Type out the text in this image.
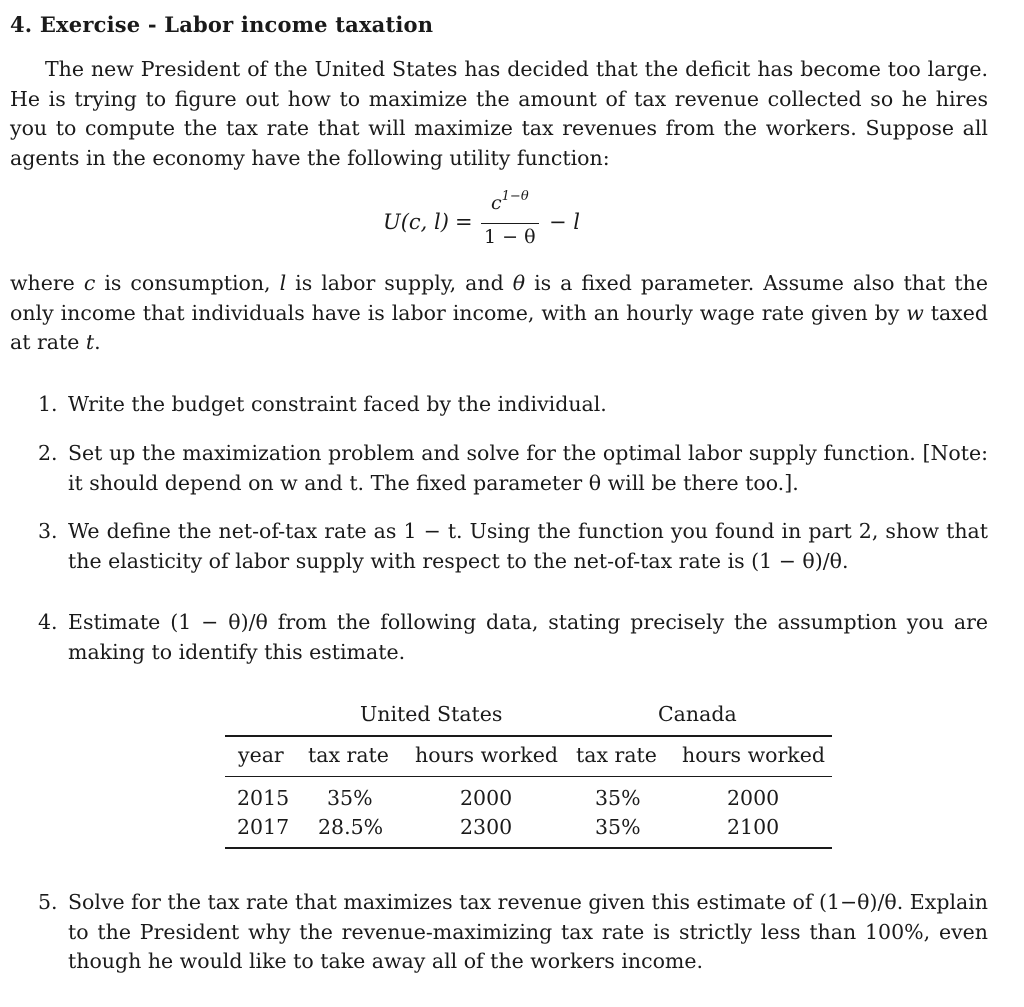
4. Exercise - Labor income taxation
The new President of the United States has decided that the deficit has become too large. He is trying to figure out how to maximize the amount of tax revenue collected so he hires you to compute the tax rate that will maximize tax revenues from the workers. Suppose all agents in the economy have the following utility function:
U(c, l) =
$c^{1-\theta}$
1 − θ
− l
where c is consumption, l is labor supply, and θ is a fixed parameter. Assume also that the only income that individuals have is labor income, with an hourly wage rate given by w taxed at rate t.
1. Write the budget constraint faced by the individual.
2. Set up the maximization problem and solve for the optimal labor supply function. [Note: it should depend on w and t. The fixed parameter θ will be there too.].
3. We define the net-of-tax rate as 1 − t. Using the function you found in part 2, show that the elasticity of labor supply with respect to the net-of-tax rate is (1 − θ)/θ.
4. Estimate (1 − θ)/θ from the following data, stating precisely the assumption you are making to identify this estimate.
United States	Canada
year tax rate hours worked tax rate hours worked
2015 35%	2000	35%	2000
2017 28.5%	2300	35%	2100
5. Solve for the tax rate that maximizes tax revenue given this estimate of (1−θ)/θ. Explain to the President why the revenue-maximizing tax rate is strictly less than 100%, even though he would like to take away all of the workers income.
